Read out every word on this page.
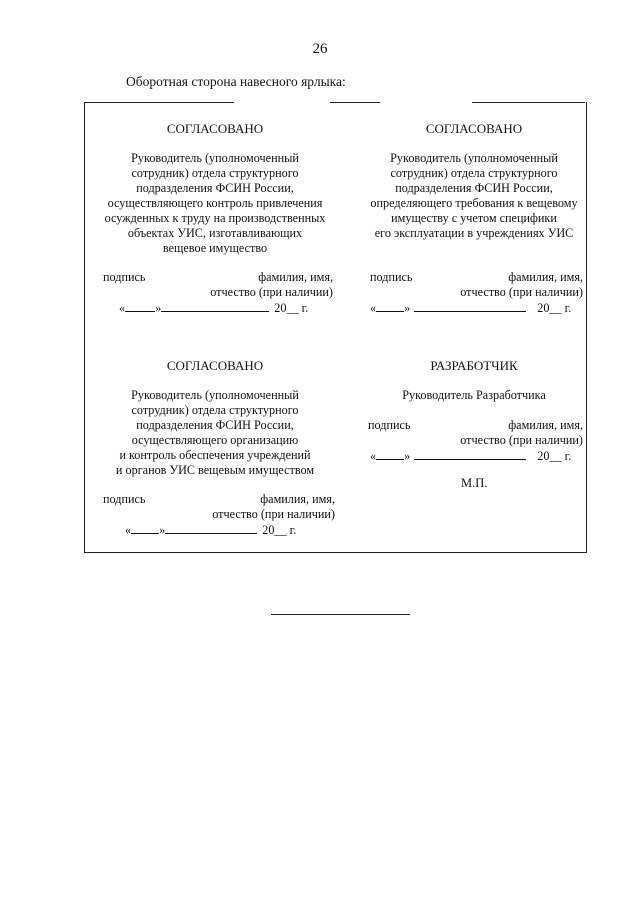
26
Оборотная сторона навесного ярлыка:
СОГЛАСОВАНО
Руководитель (уполномоченный
сотрудник) отдела структурного
подразделения ФСИН России,
осуществляющего контроль привлечения
осужденных к труду на производственных
объектах УИС, изготавливающих
вещевое имущество
подпись	фамилия, имя,
отчество (при наличии)
« »	20__ г.
СОГЛАСОВАНО
Руководитель (уполномоченный
сотрудник) отдела структурного
подразделения ФСИН России,
определяющего требования к вещевому
имуществу с учетом специфики
его эксплуатации в учреждениях УИС
подпись	фамилия, имя,
отчество (при наличии)
« »	20__ г.
СОГЛАСОВАНО
Руководитель (уполномоченный
сотрудник) отдела структурного
подразделения ФСИН России,
осуществляющего организацию
и контроль обеспечения учреждений
и органов УИС вещевым имуществом
подпись	фамилия, имя,
отчество (при наличии)
« »	20__ г.
РАЗРАБОТЧИК
Руководитель Разработчика
подпись	фамилия, имя,
отчество (при наличии)
« »	20__ г.
М.П.
